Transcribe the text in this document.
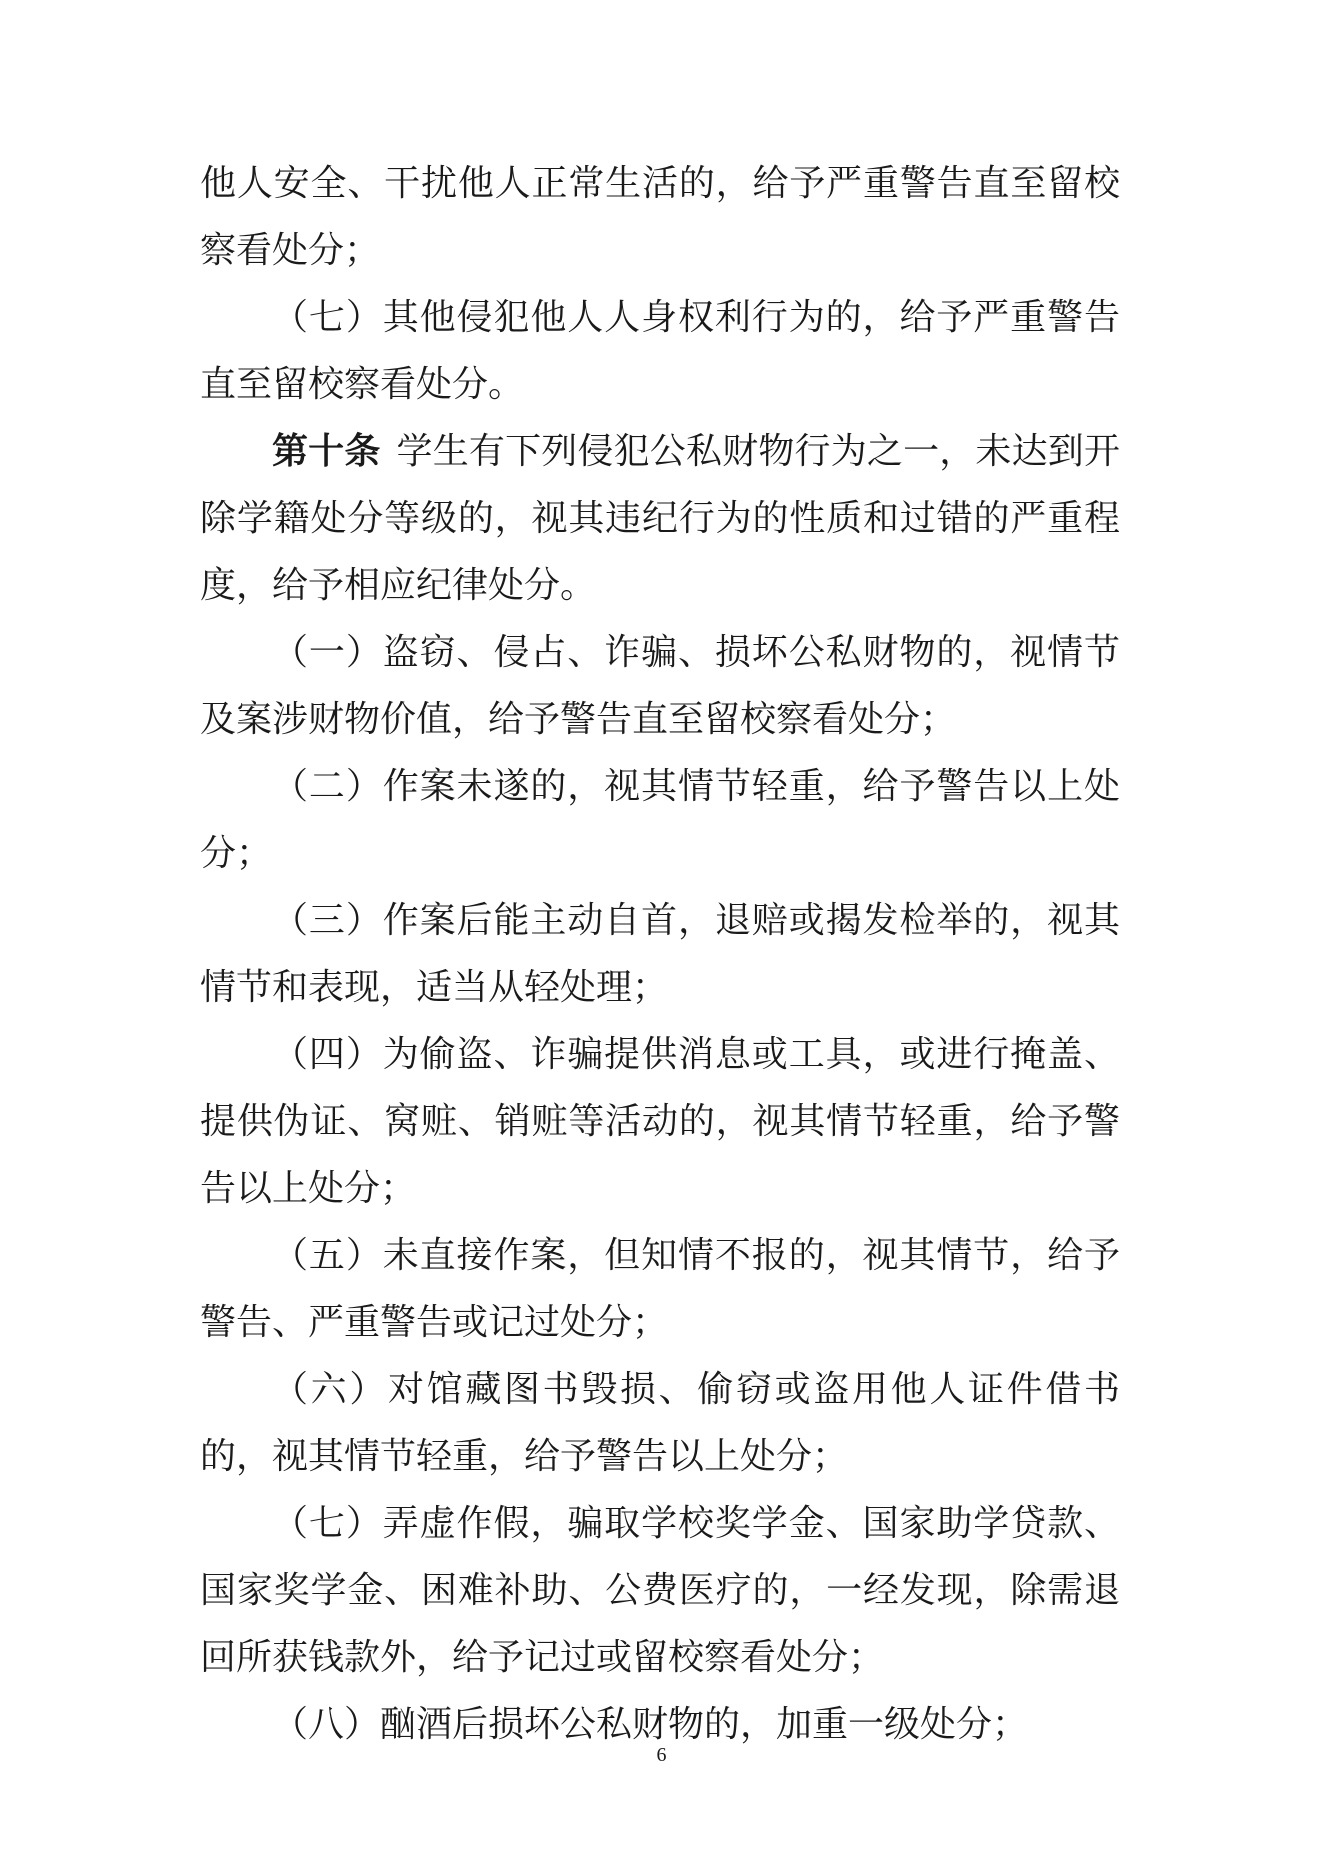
他人安全、干扰他人正常生活的，给予严重警告直至留校察看处分；

（七）其他侵犯他人人身权利行为的，给予严重警告直至留校察看处分。

第十条 学生有下列侵犯公私财物行为之一，未达到开除学籍处分等级的，视其违纪行为的性质和过错的严重程度，给予相应纪律处分。

（一）盗窃、侵占、诈骗、损坏公私财物的，视情节及案涉财物价值，给予警告直至留校察看处分；

（二）作案未遂的，视其情节轻重，给予警告以上处分；

（三）作案后能主动自首，退赔或揭发检举的，视其情节和表现，适当从轻处理；

（四）为偷盗、诈骗提供消息或工具，或进行掩盖、提供伪证、窝赃、销赃等活动的，视其情节轻重，给予警告以上处分；

（五）未直接作案，但知情不报的，视其情节，给予警告、严重警告或记过处分；

（六）对馆藏图书毁损、偷窃或盗用他人证件借书的，视其情节轻重，给予警告以上处分；

（七）弄虚作假，骗取学校奖学金、国家助学贷款、国家奖学金、困难补助、公费医疗的，一经发现，除需退回所获钱款外，给予记过或留校察看处分；

（八）酗酒后损坏公私财物的，加重一级处分；

6
